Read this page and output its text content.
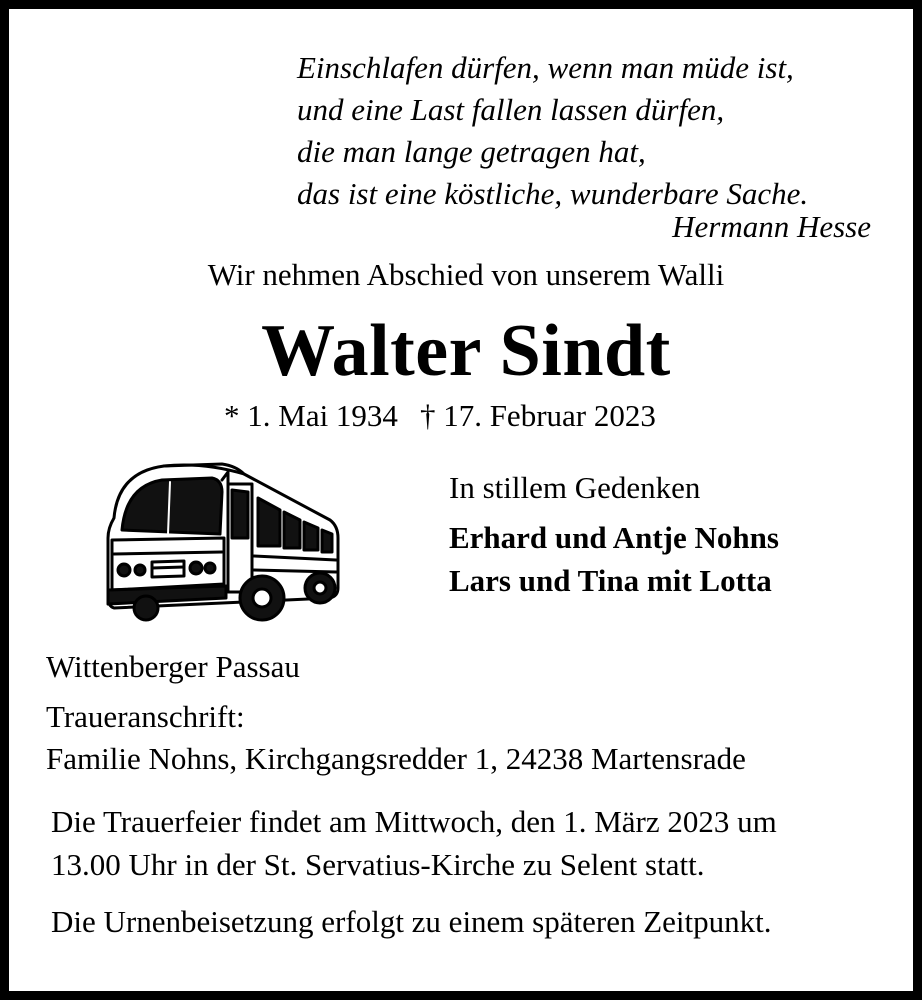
Einschlafen dürfen, wenn man müde ist,
und eine Last fallen lassen dürfen,
die man lange getragen hat,
das ist eine köstliche, wunderbare Sache.
Hermann Hesse
Wir nehmen Abschied von unserem Walli
Walter Sindt
* 1. Mai 1934 † 17. Februar 2023
In stillem Gedenken
Erhard und Antje Nohns
Lars und Tina mit Lotta
Wittenberger Passau
Traueranschrift:
Familie Nohns, Kirchgangsredder 1, 24238 Martensrade
Die Trauerfeier findet am Mittwoch, den 1. März 2023 um
13.00 Uhr in der St. Servatius-Kirche zu Selent statt.
Die Urnenbeisetzung erfolgt zu einem späteren Zeitpunkt.
